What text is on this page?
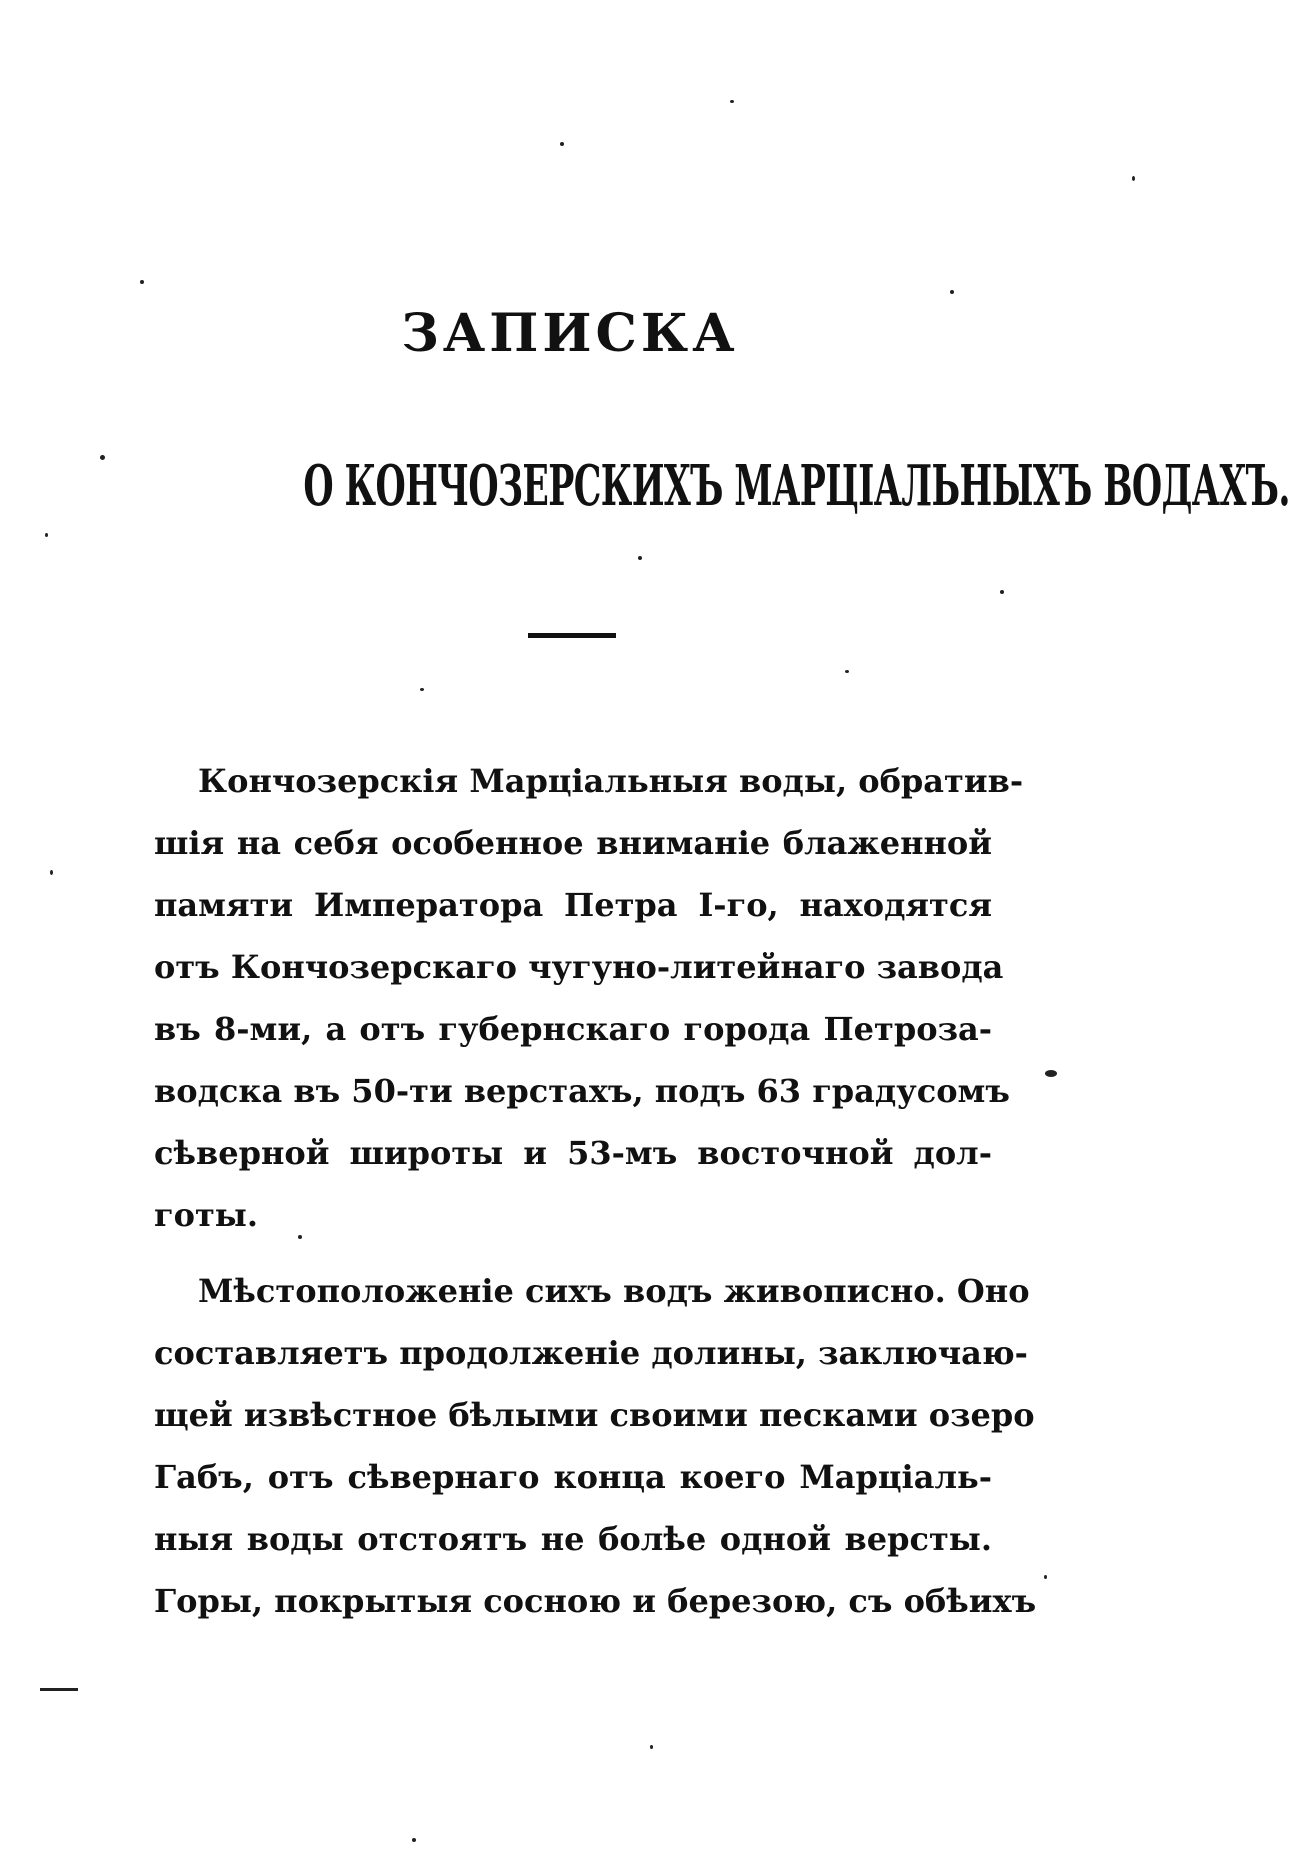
ЗАПИСКА
О КОНЧОЗЕРСКИХЪ МАРЦІАЛЬНЫХЪ ВОДАХЪ.
Кончозерскія Марціальныя воды, обратив-
шія на себя особенное вниманіе блаженной
памяти Императора Петра I-го, находятся
отъ Кончозерскаго чугуно-литейнаго завода
въ 8-ми, а отъ губернскаго города Петроза-
водска въ 50-ти верстахъ, подъ 63 градусомъ
сѣверной широты и 53-мъ восточной дол-
готы.
Мѣстоположеніе сихъ водъ живописно. Оно
составляетъ продолженіе долины, заключаю-
щей извѣстное бѣлыми своими песками озеро
Габъ, отъ сѣвернаго конца коего Марціаль-
ныя воды отстоятъ не болѣе одной версты.
Горы, покрытыя сосною и березою, съ обѣихъ
